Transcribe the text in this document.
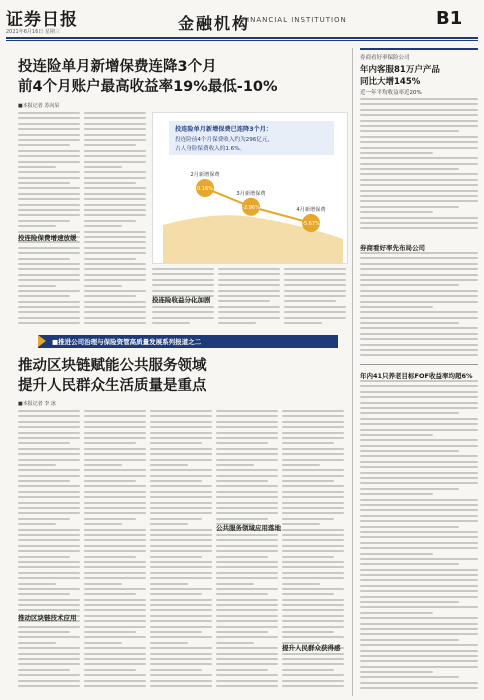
证券日报
2021年6月16日 星期三	金融机构
FINANCIAL INSTITUTION	B1
投连险单月新增保费连降3个月
前4个月账户最高收益率19%最低-10%
■本报记者 苏向杲
投连险保费增速放缓
投连险收益分化加剧
投连险单月新增保费已连降3个月：
投连险前4个月保费收入约为296亿元，
占人身险保费收入的1.6%。
0.16%
2月新增保费
-2.96%
3月新增保费
-5.67%
4月新增保费
■推进公司治理与保险资管高质量发展系列报道之二
推动区块链赋能公共服务领域
提升人民群众生活质量是重点
■本报记者 李 冰
推动区块链技术应用
公共服务领域应用落地
提升人民群众获得感
券商看好率保险公司
年内客服81万户产品
同比大增145%
近一年平均收益率近20%
券商看好率先布局公司
年内41只养老目标FOF收益率均超6%
